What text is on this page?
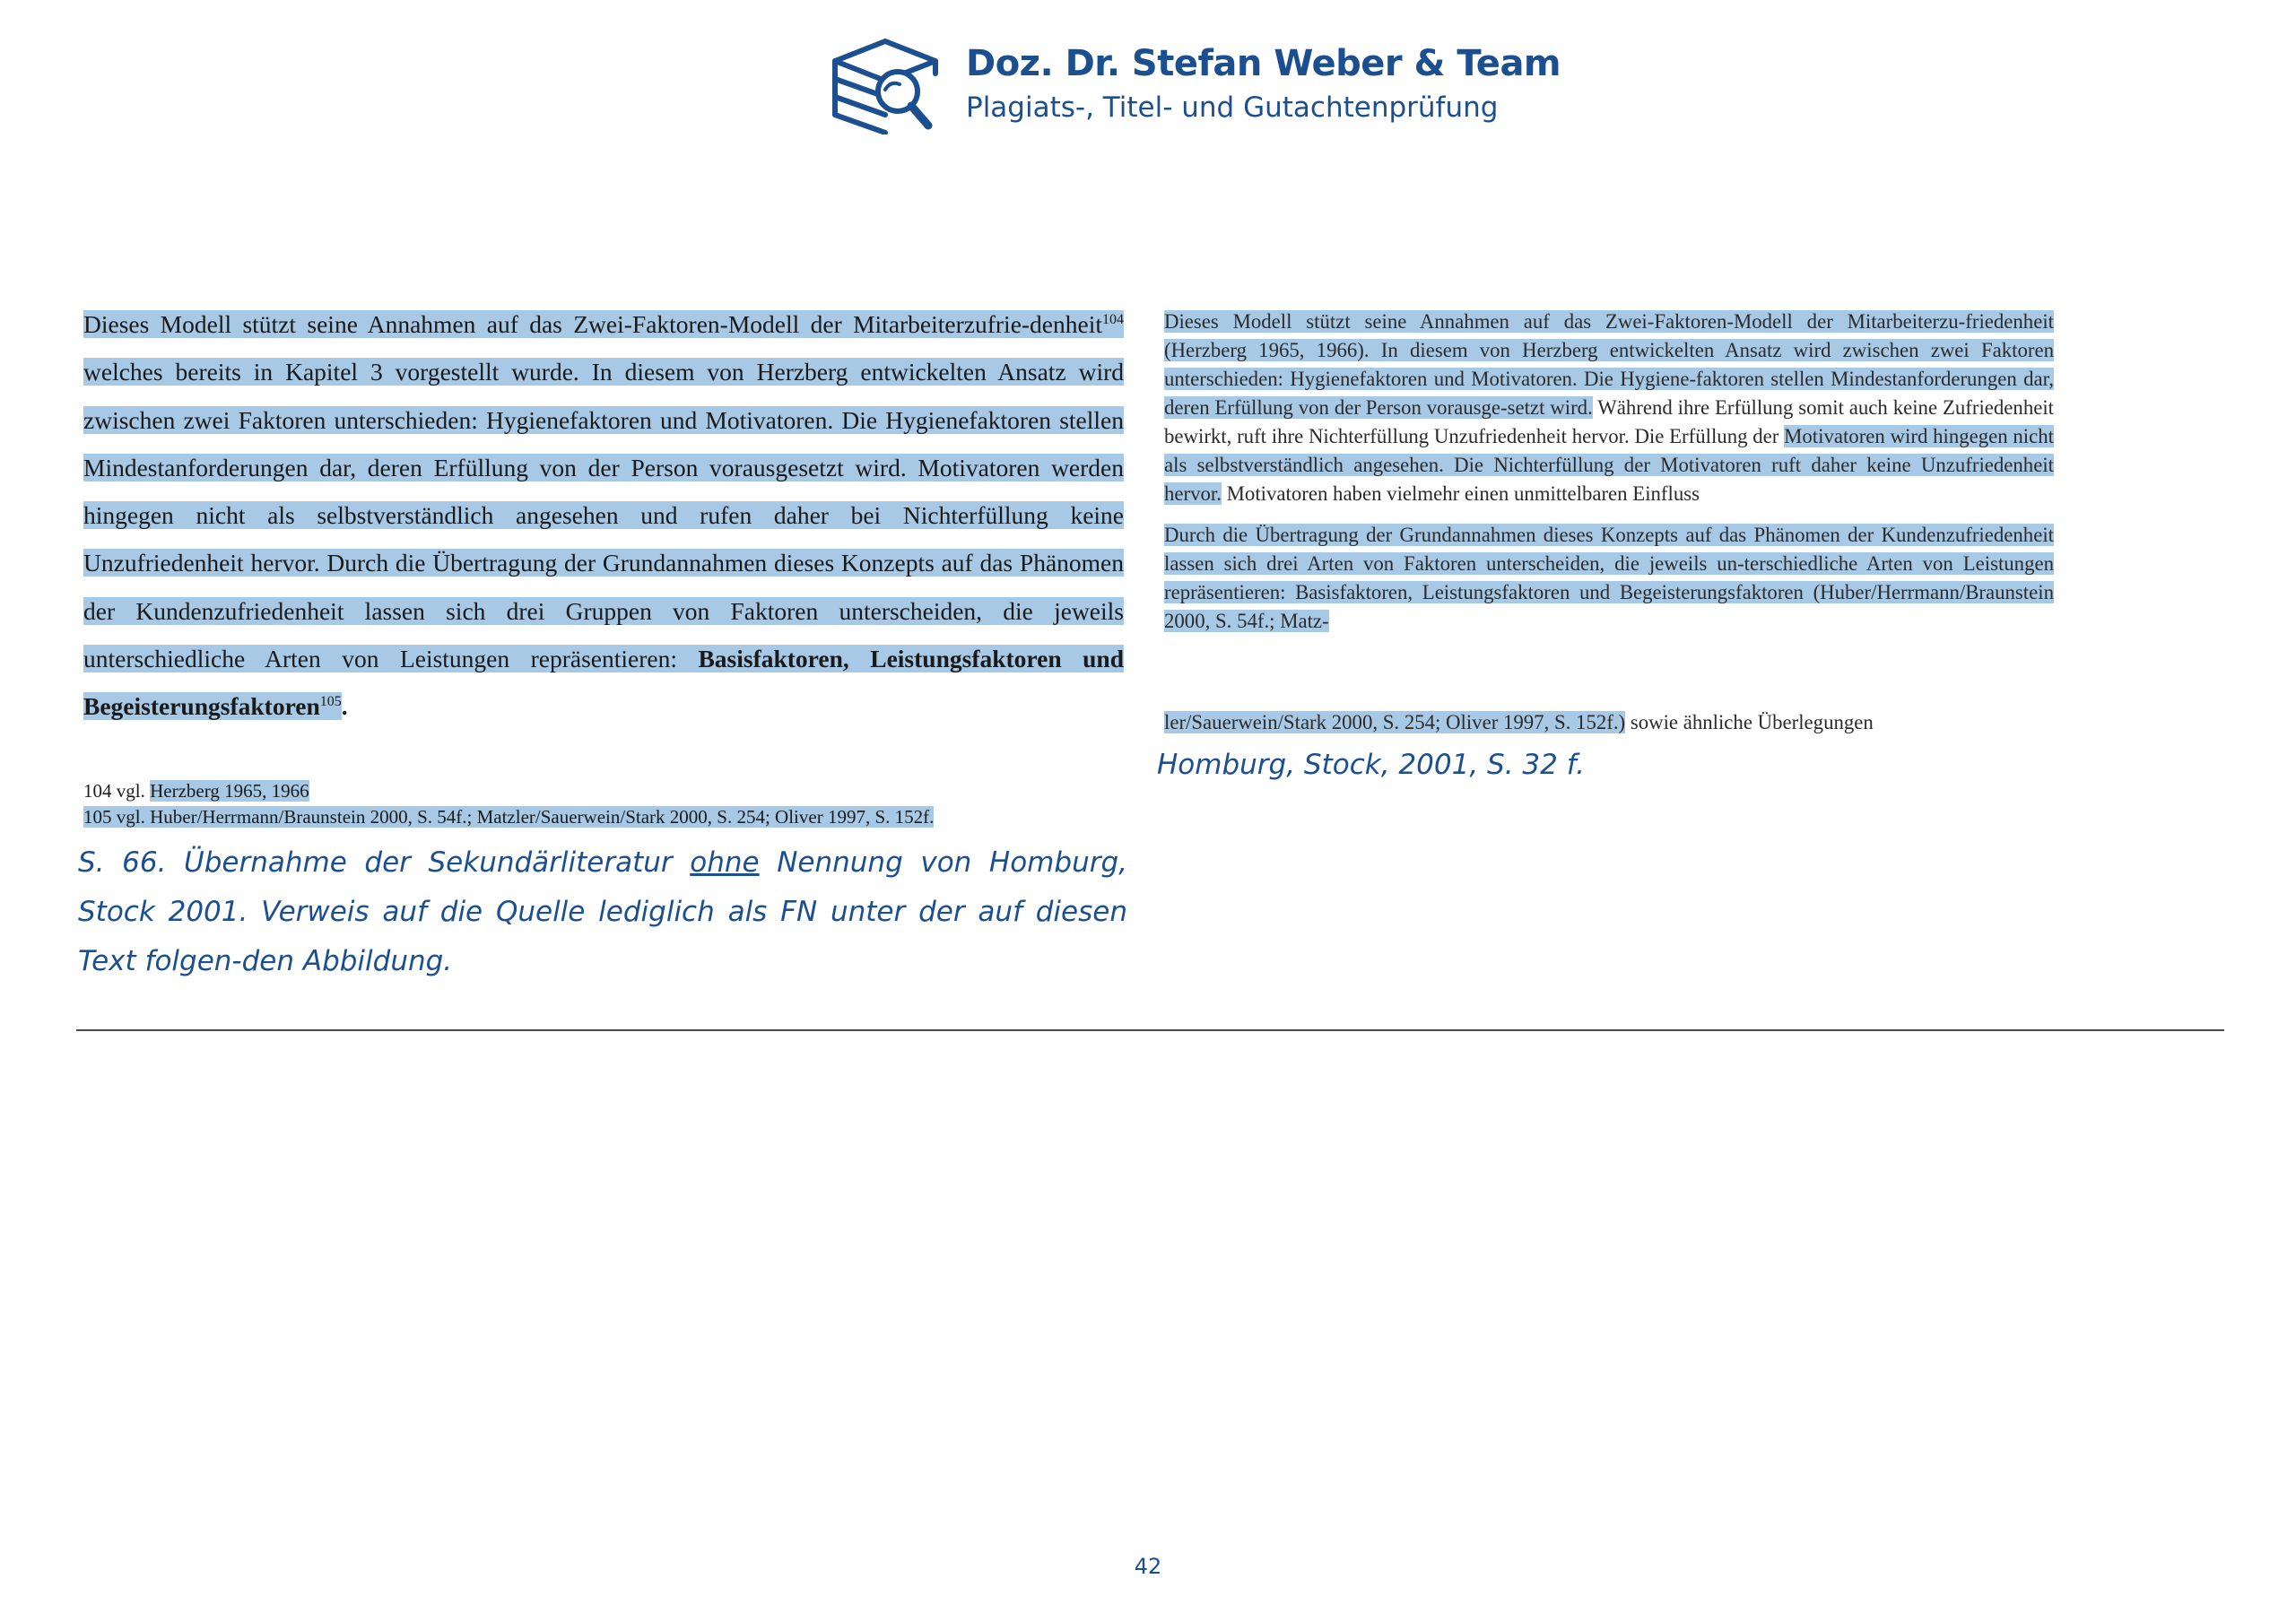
Doz. Dr. Stefan Weber & Team
Plagiats-, Titel- und Gutachtenprüfung

Dieses Modell stützt seine Annahmen auf das Zwei-Faktoren-Modell der Mitarbeiterzufrie-denheit$^{104}$ welches bereits in Kapitel 3 vorgestellt wurde. In diesem von Herzberg entwickelten Ansatz wird zwischen zwei Faktoren unterschieden: Hygienefaktoren und Motivatoren. Die Hygienefaktoren stellen Mindestanforderungen dar, deren Erfüllung von der Person vorausgesetzt wird. Motivatoren werden hingegen nicht als selbstverständlich angesehen und rufen daher bei Nichterfüllung keine Unzufriedenheit hervor. Durch die Übertragung der Grundannahmen dieses Konzepts auf das Phänomen der Kundenzufriedenheit lassen sich drei Gruppen von Faktoren unterscheiden, die jeweils unterschiedliche Arten von Leistungen repräsentieren: Basisfaktoren, Leistungsfaktoren und Begeisterungsfaktoren$^{105}$.

104 vgl. Herzberg 1965, 1966
105 vgl. Huber/Herrmann/Braunstein 2000, S. 54f.; Matzler/Sauerwein/Stark 2000, S. 254; Oliver 1997, S. 152f.
S. 66. Übernahme der Sekundärliteratur ohne Nennung von Homburg, Stock 2001. Verweis auf die Quelle lediglich als FN unter der auf diesen Text folgen-den Abbildung.

Dieses Modell stützt seine Annahmen auf das Zwei-Faktoren-Modell der Mitarbeiterzu-friedenheit (Herzberg 1965, 1966). In diesem von Herzberg entwickelten Ansatz wird zwischen zwei Faktoren unterschieden: Hygienefaktoren und Motivatoren. Die Hygiene-faktoren stellen Mindestanforderungen dar, deren Erfüllung von der Person vorausge-setzt wird. Während ihre Erfüllung somit auch keine Zufriedenheit bewirkt, ruft ihre Nichterfüllung Unzufriedenheit hervor. Die Erfüllung der Motivatoren wird hingegen nicht als selbstverständlich angesehen. Die Nichterfüllung der Motivatoren ruft daher keine Unzufriedenheit hervor. Motivatoren haben vielmehr einen unmittelbaren Einfluss

Durch die Übertragung der Grundannahmen dieses Konzepts auf das Phänomen der Kundenzufriedenheit lassen sich drei Arten von Faktoren unterscheiden, die jeweils un-terschiedliche Arten von Leistungen repräsentieren: Basisfaktoren, Leistungsfaktoren und Begeisterungsfaktoren (Huber/Herrmann/Braunstein 2000, S. 54f.; Matz-

ler/Sauerwein/Stark 2000, S. 254; Oliver 1997, S. 152f.) sowie ähnliche Überlegungen
Homburg, Stock, 2001, S. 32 f.
42
